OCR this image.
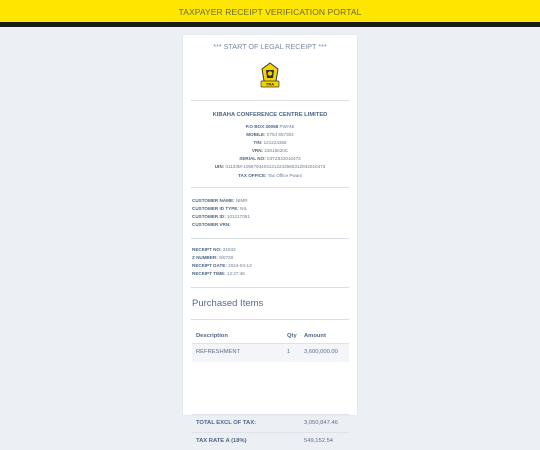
TAXPAYER RECEIPT VERIFICATION PORTAL
*** START OF LEGAL RECEIPT ***
TRA
KIBAHA CONFERENCE CENTRE LIMITED
P.O BOX 30058 PWANI
MOBILE: 0754 657302
TIN: 121224356
VRN: 23015620C
SERIAL NO: 03TZ842010473
UIN: 01133M-1058793404121224356031Z842010473
TAX OFFICE: Tax Office Pwani
CUSTOMER NAME: NIMR
CUSTOMER ID TYPE: NIL
CUSTOMER ID: 101217051
CUSTOMER VRN:
RECEIPT NO: 31532
Z NUMBER: 9/0728
RECEIPT DATE: 2024-04-13
RECEIPT TIME: 12:27:46
Purchased Items
Description	Qty Amount
REFRESHMENT	1 3,600,000.00
TOTAL EXCL OF TAX:	3,050,847.46
TAX RATE A (18%)	549,152.54
